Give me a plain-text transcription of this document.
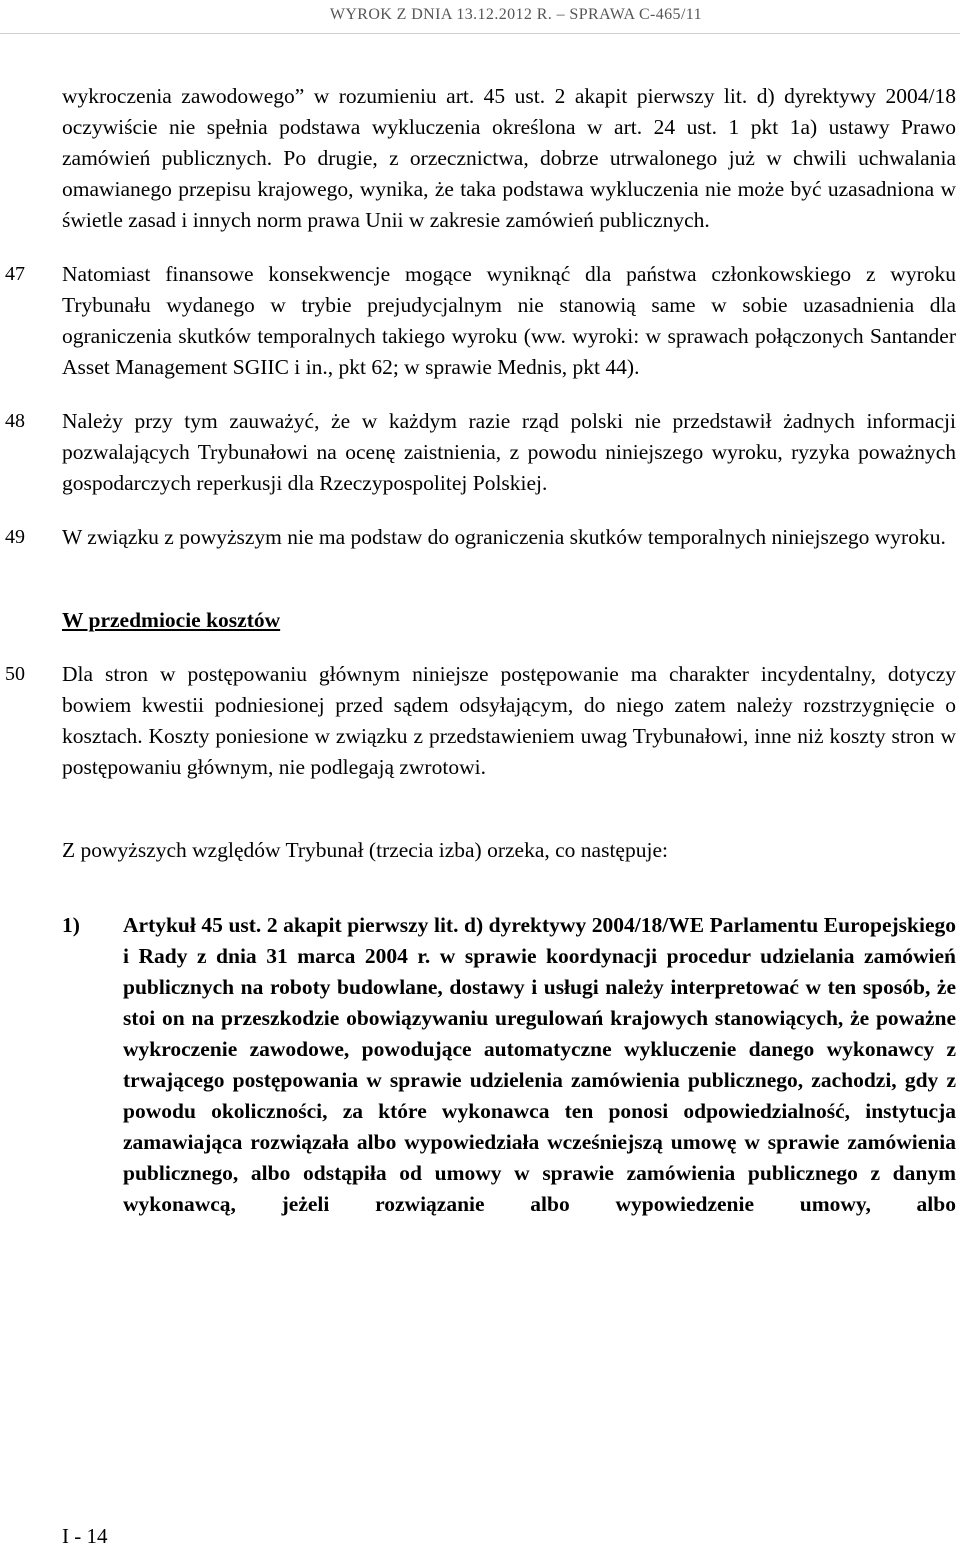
WYROK Z DNIA 13.12.2012 R. – SPRAWA C-465/11

wykroczenia zawodowego” w rozumieniu art. 45 ust. 2 akapit pierwszy lit. d) dyrektywy 2004/18 oczywiście nie spełnia podstawa wykluczenia określona w art. 24 ust. 1 pkt 1a) ustawy Prawo zamówień publicznych. Po drugie, z orzecznictwa, dobrze utrwalonego już w chwili uchwalania omawianego przepisu krajowego, wynika, że taka podstawa wykluczenia nie może być uzasadniona w świetle zasad i innych norm prawa Unii w zakresie zamówień publicznych.

47 Natomiast finansowe konsekwencje mogące wyniknąć dla państwa członkowskiego z wyroku Trybunału wydanego w trybie prejudycjalnym nie stanowią same w sobie uzasadnienia dla ograniczenia skutków temporalnych takiego wyroku (ww. wyroki: w sprawach połączonych Santander Asset Management SGIIC i in., pkt 62; w sprawie Mednis, pkt 44).

48 Należy przy tym zauważyć, że w każdym razie rząd polski nie przedstawił żadnych informacji pozwalających Trybunałowi na ocenę zaistnienia, z powodu niniejszego wyroku, ryzyka poważnych gospodarczych reperkusji dla Rzeczypospolitej Polskiej.

49 W związku z powyższym nie ma podstaw do ograniczenia skutków temporalnych niniejszego wyroku.

W przedmiocie kosztów

50 Dla stron w postępowaniu głównym niniejsze postępowanie ma charakter incydentalny, dotyczy bowiem kwestii podniesionej przed sądem odsyłającym, do niego zatem należy rozstrzygnięcie o kosztach. Koszty poniesione w związku z przedstawieniem uwag Trybunałowi, inne niż koszty stron w postępowaniu głównym, nie podlegają zwrotowi.

Z powyższych względów Trybunał (trzecia izba) orzeka, co następuje:

1) Artykuł 45 ust. 2 akapit pierwszy lit. d) dyrektywy 2004/18/WE Parlamentu Europejskiego i Rady z dnia 31 marca 2004 r. w sprawie koordynacji procedur udzielania zamówień publicznych na roboty budowlane, dostawy i usługi należy interpretować w ten sposób, że stoi on na przeszkodzie obowiązywaniu uregulowań krajowych stanowiących, że poważne wykroczenie zawodowe, powodujące automatyczne wykluczenie danego wykonawcy z trwającego postępowania w sprawie udzielenia zamówienia publicznego, zachodzi, gdy z powodu okoliczności, za które wykonawca ten ponosi odpowiedzialność, instytucja zamawiająca rozwiązała albo wypowiedziała wcześniejszą umowę w sprawie zamówienia publicznego, albo odstąpiła od umowy w sprawie zamówienia publicznego z danym wykonawcą, jeżeli rozwiązanie albo wypowiedzenie umowy, albo

I - 14
